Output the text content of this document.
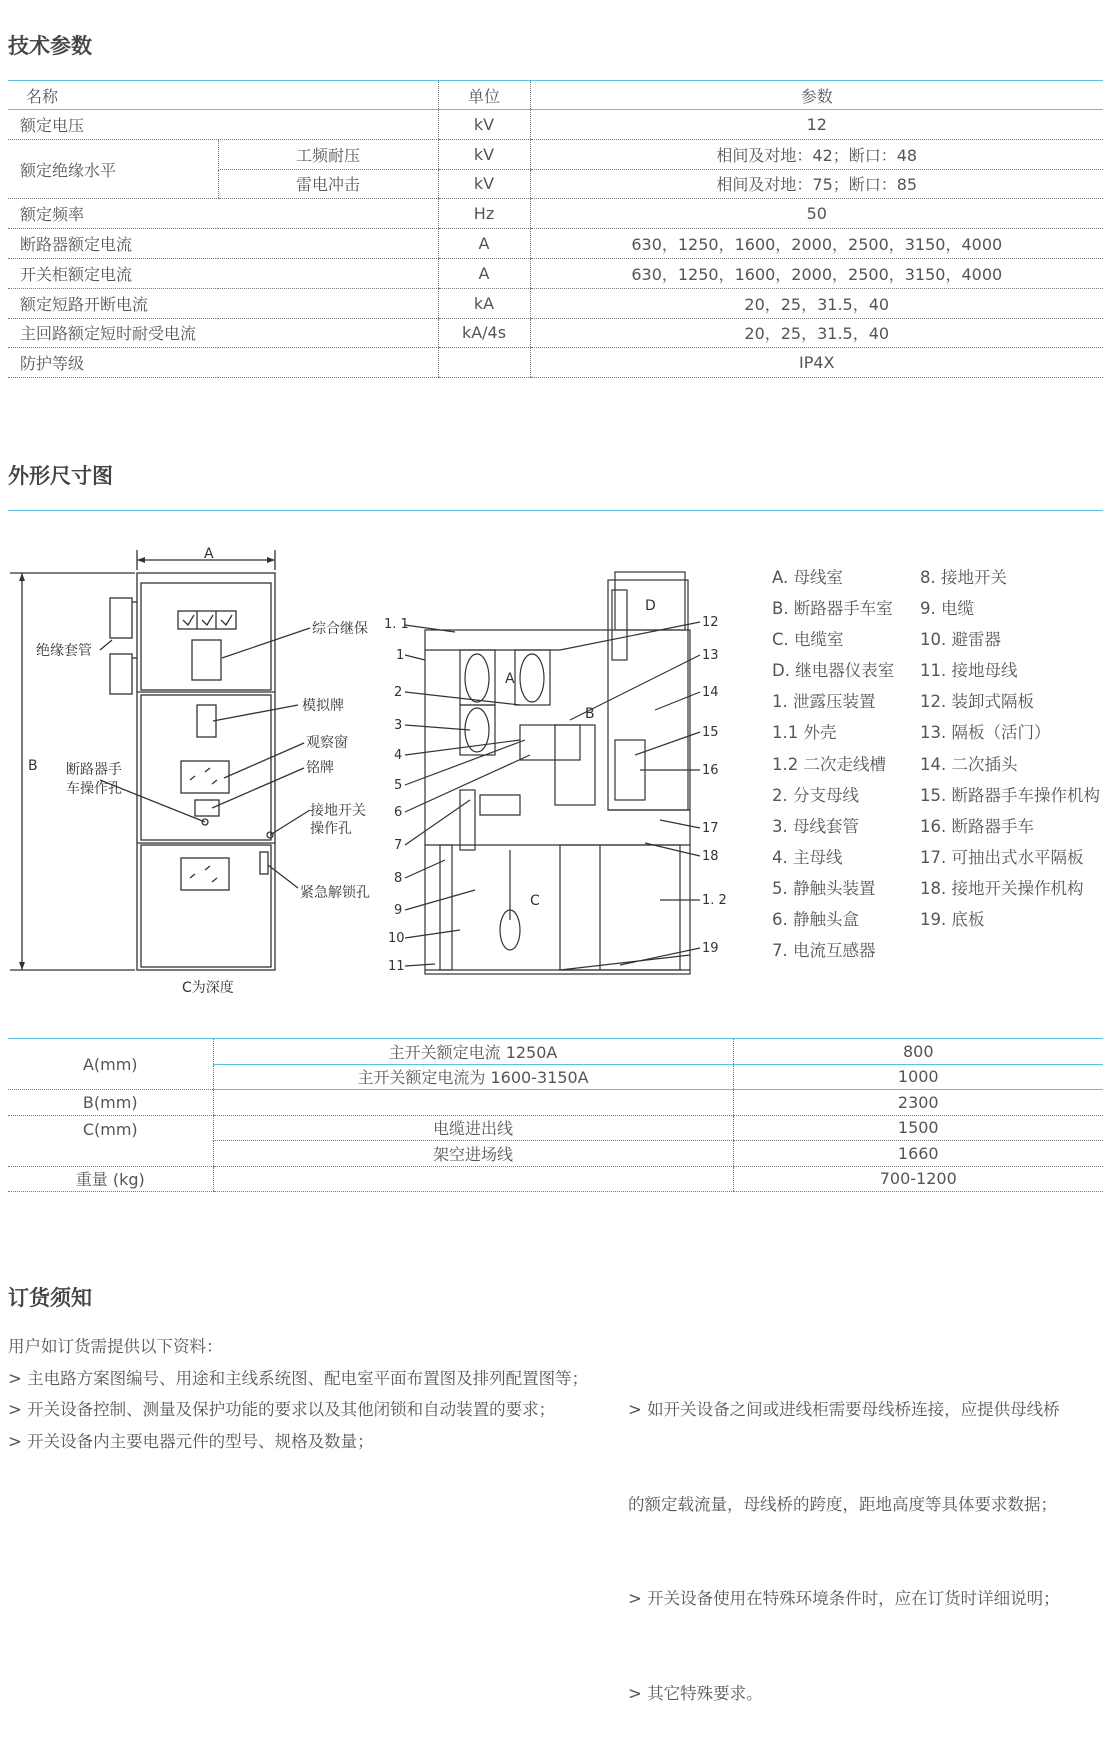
技术参数
名称		单位	参数
额定电压		kV	12
额定绝缘水平	工频耐压	kV	相间及对地：42；断口：48
	雷电冲击	kV	相间及对地：75；断口：85
额定频率		Hz	50
断路器额定电流		A	630，1250，1600，2000，2500，3150，4000
开关柜额定电流		A	630，1250，1600，2000，2500，3150，4000
额定短路开断电流		kA	20，25，31.5，40
主回路额定短时耐受电流		kA/4s	20，25，31.5，40
防护等级			IP4X
外形尺寸图
A
B
C为深度
绝缘套管
综合继保
模拟牌
观察窗
铭牌
断路器手
车操作孔
接地开关
操作孔
紧急解锁孔
A
B
C
D
1. 1
1
2
3
4
5
6
7
8
9
10
11
12
13
14
15
16
17
18
1. 2
19
A. 母线室
B. 断路器手车室
C. 电缆室
D. 继电器仪表室
1. 泄露压装置
1.1 外壳
1.2 二次走线槽
2. 分支母线
3. 母线套管
4. 主母线
5. 静触头装置
6. 静触头盒
7. 电流互感器
8. 接地开关
9. 电缆
10. 避雷器
11. 接地母线
12. 装卸式隔板
13. 隔板（活门）
14. 二次插头
15. 断路器手车操作机构
16. 断路器手车
17. 可抽出式水平隔板
18. 接地开关操作机构
19. 底板
A(mm)	主开关额定电流 1250A	800
	主开关额定电流为 1600-3150A	1000
B(mm)		2300
C(mm)	电缆进出线	1500
	架空进场线	1660
重量 (kg)		700-1200
订货须知
用户如订货需提供以下资料：
> 主电路方案图编号、用途和主线系统图、配电室平面布置图及排列配置图等；
> 开关设备控制、测量及保护功能的要求以及其他闭锁和自动装置的要求；
> 开关设备内主要电器元件的型号、规格及数量；

> 如开关设备之间或进线柜需要母线桥连接，应提供母线桥

的额定载流量，母线桥的跨度，距地高度等具体要求数据；

> 开关设备使用在特殊环境条件时，应在订货时详细说明；

> 其它特殊要求。
